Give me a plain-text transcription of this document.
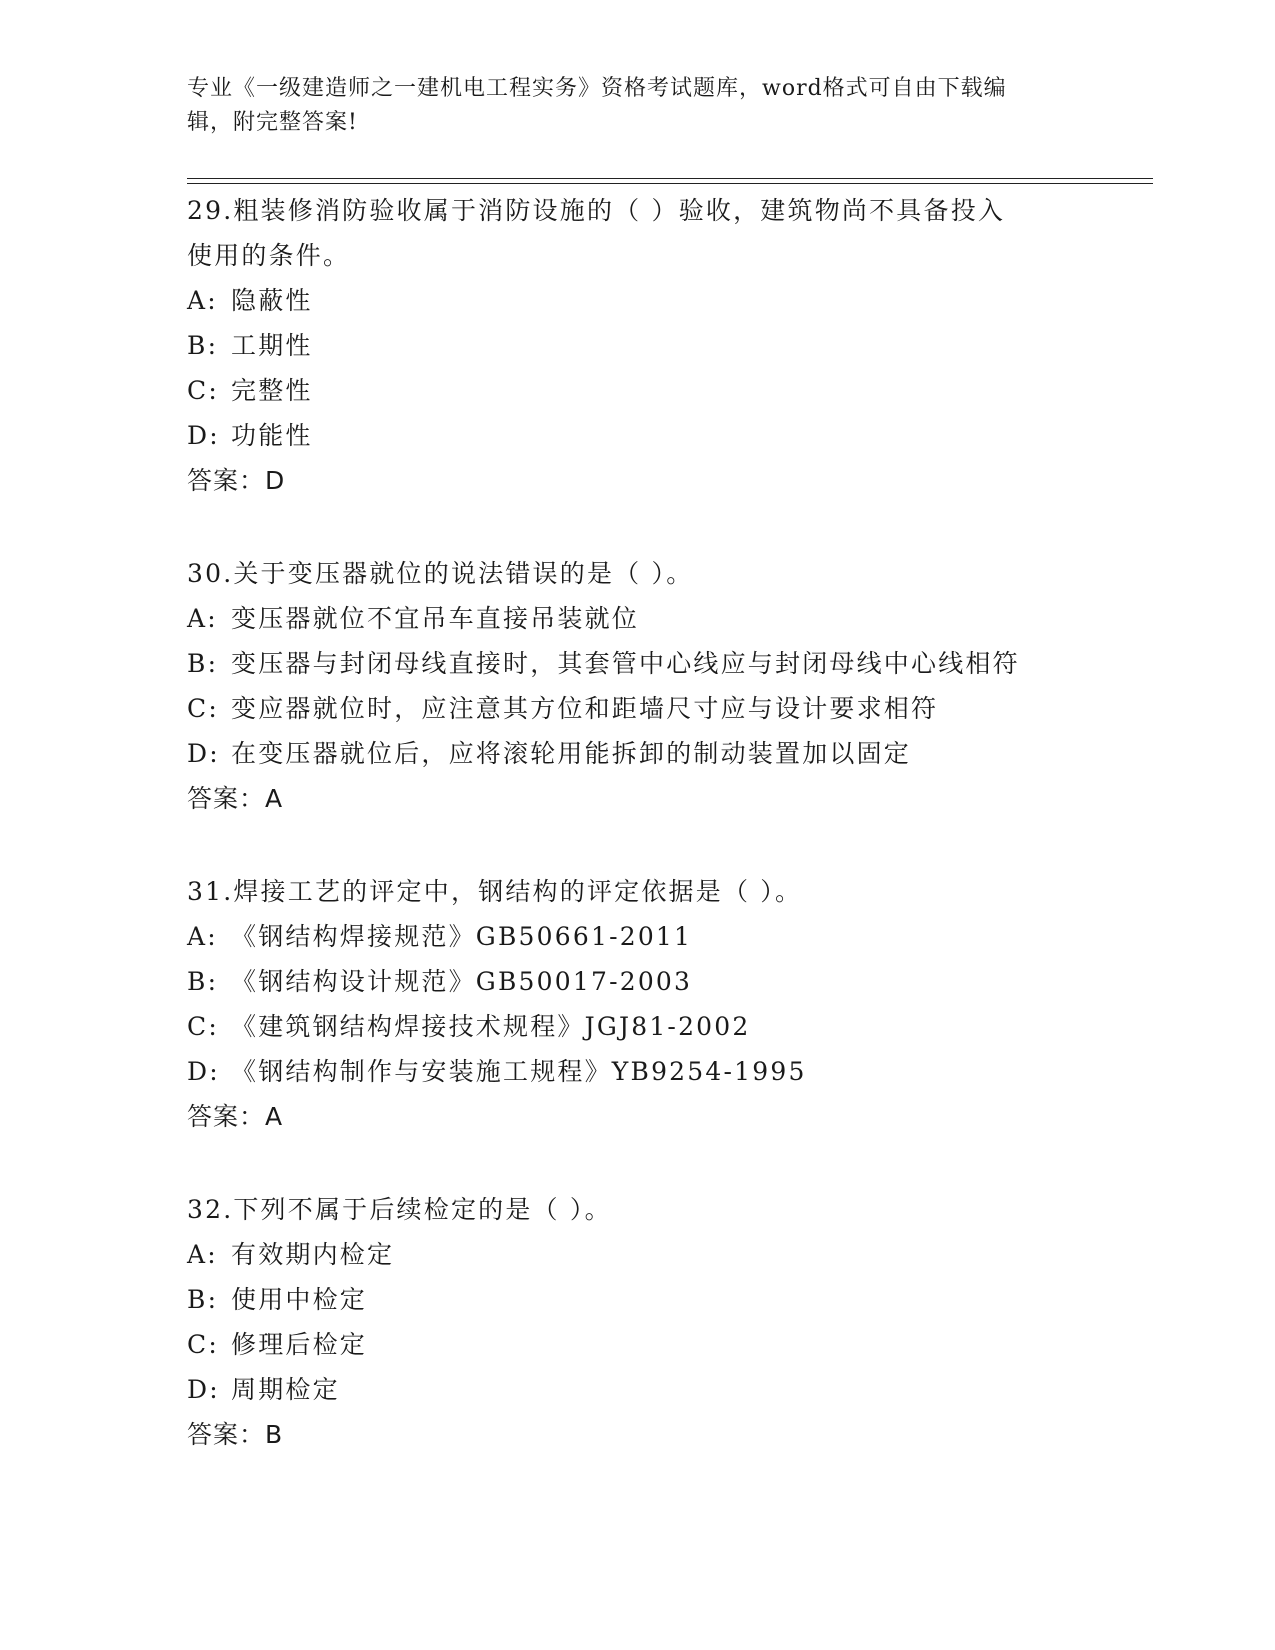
专业《一级建造师之一建机电工程实务》资格考试题库，word格式可自由下载编
辑，附完整答案!

29.粗装修消防验收属于消防设施的（ ）验收，建筑物尚不具备投入

使用的条件。

A: 隐蔽性

B: 工期性

C: 完整性

D: 功能性

答案：D

30.关于变压器就位的说法错误的是（ ）。

A: 变压器就位不宜吊车直接吊装就位

B: 变压器与封闭母线直接时，其套管中心线应与封闭母线中心线相符

C: 变应器就位时，应注意其方位和距墙尺寸应与设计要求相符

D: 在变压器就位后，应将滚轮用能拆卸的制动装置加以固定

答案：A

31.焊接工艺的评定中，钢结构的评定依据是（ ）。

A: 《钢结构焊接规范》GB50661-2011

B: 《钢结构设计规范》GB50017-2003

C: 《建筑钢结构焊接技术规程》JGJ81-2002

D: 《钢结构制作与安装施工规程》YB9254-1995

答案：A

32.下列不属于后续检定的是（ ）。

A: 有效期内检定

B: 使用中检定

C: 修理后检定

D: 周期检定

答案：B
